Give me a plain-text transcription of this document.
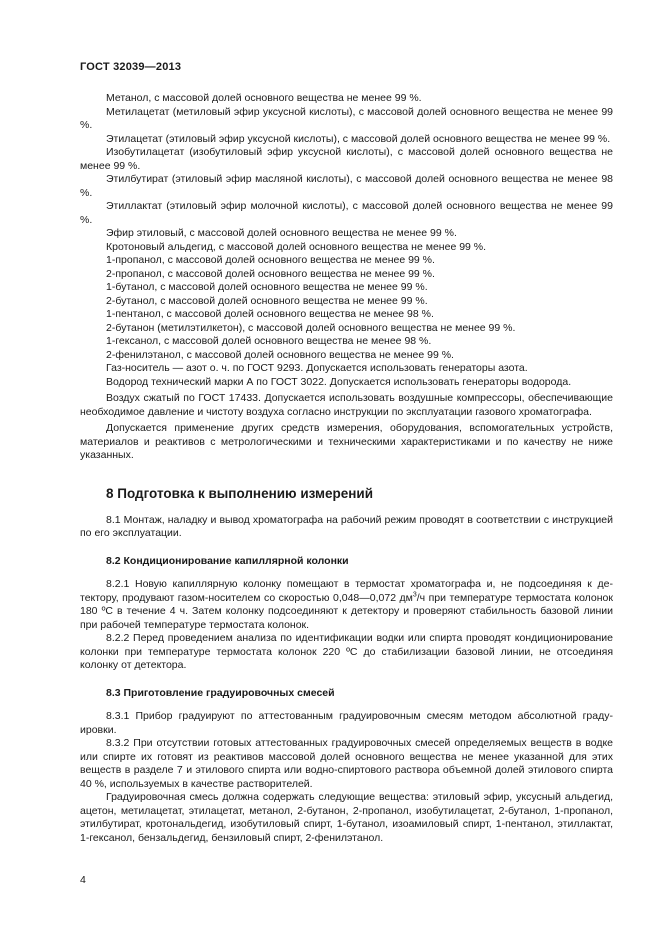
ГОСТ 32039—2013

Метанол, с массовой долей основного вещества не менее 99 %.

Метилацетат (метиловый эфир уксусной кислоты), с массовой долей основного вещества не менее 99 %.

Этилацетат (этиловый эфир уксусной кислоты), с массовой долей основного вещества не менее 99 %.

Изобутилацетат (изобутиловый эфир уксусной кислоты), с массовой долей основного вещества не менее 99 %.

Этилбутират (этиловый эфир масляной кислоты), с массовой долей основного вещества не менее 98 %.

Этиллактат (этиловый эфир молочной кислоты), с массовой долей основного вещества не менее 99 %.

Эфир этиловый, с массовой долей основного вещества не менее 99 %.

Кротоновый альдегид, с массовой долей основного вещества не менее 99 %.

1-пропанол, с массовой долей основного вещества не менее 99 %.

2-пропанол, с массовой долей основного вещества не менее 99 %.

1-бутанол, с массовой долей основного вещества не менее 99 %.

2-бутанол, с массовой долей основного вещества не менее 99 %.

1-пентанол, с массовой долей основного вещества не менее 98 %.

2-бутанон (метилэтилкетон), с массовой долей основного вещества не менее 99 %.

1-гексанол, с массовой долей основного вещества не менее 98 %.

2-фенилэтанол, с массовой долей основного вещества не менее 99 %.

Газ-носитель — азот о. ч. по ГОСТ 9293. Допускается использовать генераторы азота.

Водород технический марки А по ГОСТ 3022. Допускается использовать генераторы водорода.

Воздух сжатый по ГОСТ 17433. Допускается использовать воздушные компрессоры, обеспечивающие необходимое давление и чистоту воздуха согласно инструкции по эксплуатации газового хроматографа.

Допускается применение других средств измерения, оборудования, вспомогательных устройств, материалов и реактивов с метрологическими и техническими характеристиками и по качеству не ниже указанных.

8 Подготовка к выполнению измерений

8.1 Монтаж, наладку и вывод хроматографа на рабочий режим проводят в соответствии с инструкцией по его эксплуатации.

8.2 Кондиционирование капиллярной колонки

8.2.1 Новую капиллярную колонку помещают в термостат хроматографа и, не подсоединяя к детектору, продувают газом-носителем со скоростью 0,048—0,072 $дм^3/ч$ при температуре термостата колонок 180 ºС в течение 4 ч. Затем колонку подсоединяют к детектору и проверяют стабильность базовой линии при рабочей температуре термостата колонок.

8.2.2 Перед проведением анализа по идентификации водки или спирта проводят кондиционирование колонки при температуре термостата колонок 220 ºС до стабилизации базовой линии, не отсоединяя колонку от детектора.

8.3 Приготовление градуировочных смесей

8.3.1 Прибор градуируют по аттестованным градуировочным смесям методом абсолютной градуировки.

8.3.2 При отсутствии готовых аттестованных градуировочных смесей определяемых веществ в водке или спирте их готовят из реактивов массовой долей основного вещества не менее указанной для этих веществ в разделе 7 и этилового спирта или водно-спиртового раствора объемной долей этилового спирта 40 %, используемых в качестве растворителей.

Градуировочная смесь должна содержать следующие вещества: этиловый эфир, уксусный альдегид, ацетон, метилацетат, этилацетат, метанол, 2-бутанон, 2-пропанол, изобутилацетат, 2-бутанол, 1-пропанол, этилбутират, кротональдегид, изобутиловый спирт, 1-бутанол, изоамиловый спирт, 1-пентанол, этиллактат, 1-гексанол, бензальдегид, бензиловый спирт, 2-фенилэтанол.

4
